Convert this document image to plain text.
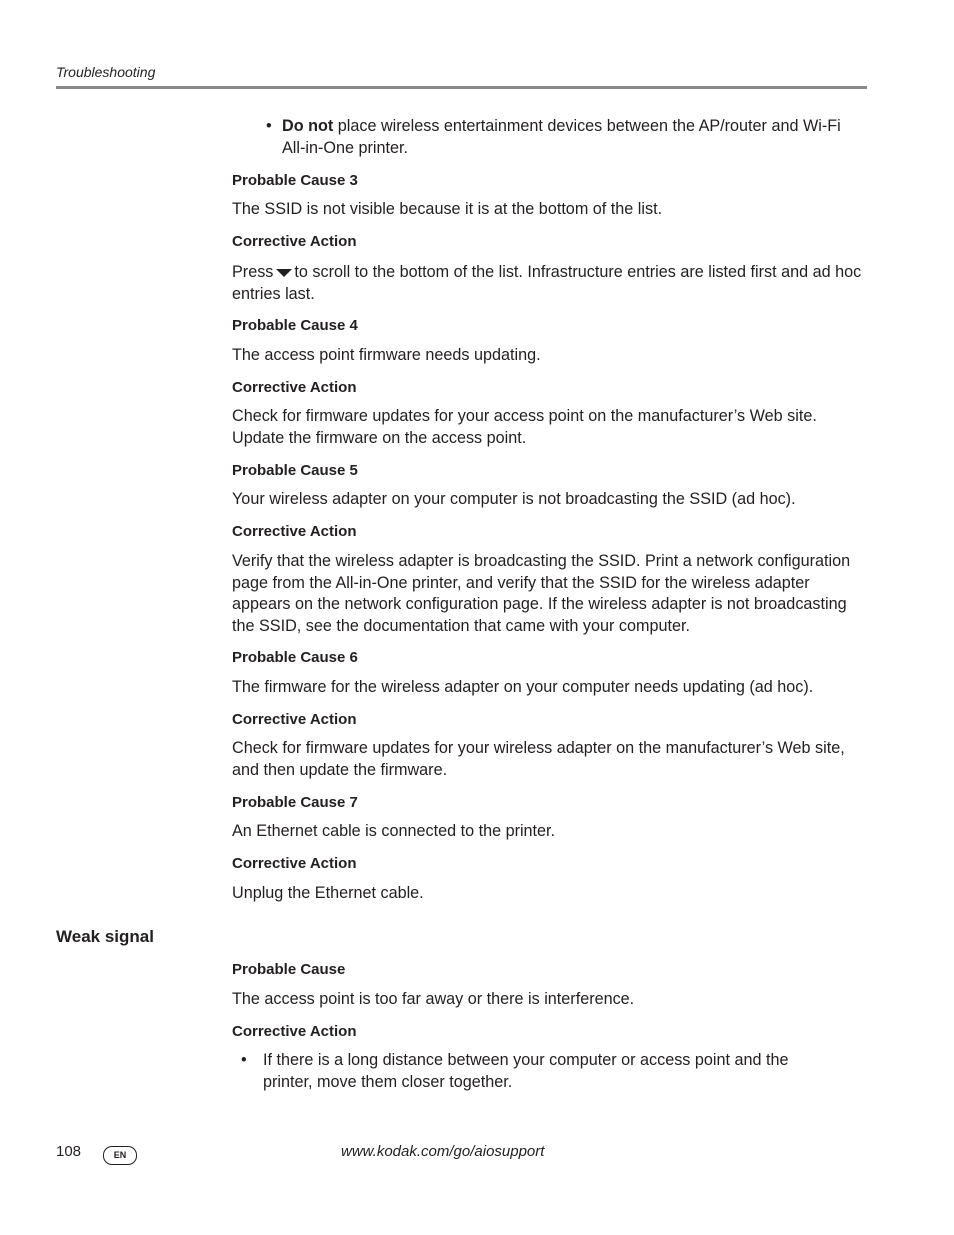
Troubleshooting
• Do not place wireless entertainment devices between the AP/router and Wi-Fi All-in-One printer.
Probable Cause 3
The SSID is not visible because it is at the bottom of the list.
Corrective Action
Press to scroll to the bottom of the list. Infrastructure entries are listed first and ad hoc entries last.
Probable Cause 4
The access point firmware needs updating.
Corrective Action
Check for firmware updates for your access point on the manufacturer’s Web site. Update the firmware on the access point.
Probable Cause 5
Your wireless adapter on your computer is not broadcasting the SSID (ad hoc).
Corrective Action
Verify that the wireless adapter is broadcasting the SSID. Print a network configuration page from the All-in-One printer, and verify that the SSID for the wireless adapter appears on the network configuration page. If the wireless adapter is not broadcasting the SSID, see the documentation that came with your computer.
Probable Cause 6
The firmware for the wireless adapter on your computer needs updating (ad hoc).
Corrective Action
Check for firmware updates for your wireless adapter on the manufacturer’s Web site, and then update the firmware.
Probable Cause 7
An Ethernet cable is connected to the printer.
Corrective Action
Unplug the Ethernet cable.
Probable Cause
The access point is too far away or there is interference.
Corrective Action
• If there is a long distance between your computer or access point and the printer, move them closer together.
Weak signal
108	EN	www.kodak.com/go/aiosupport
